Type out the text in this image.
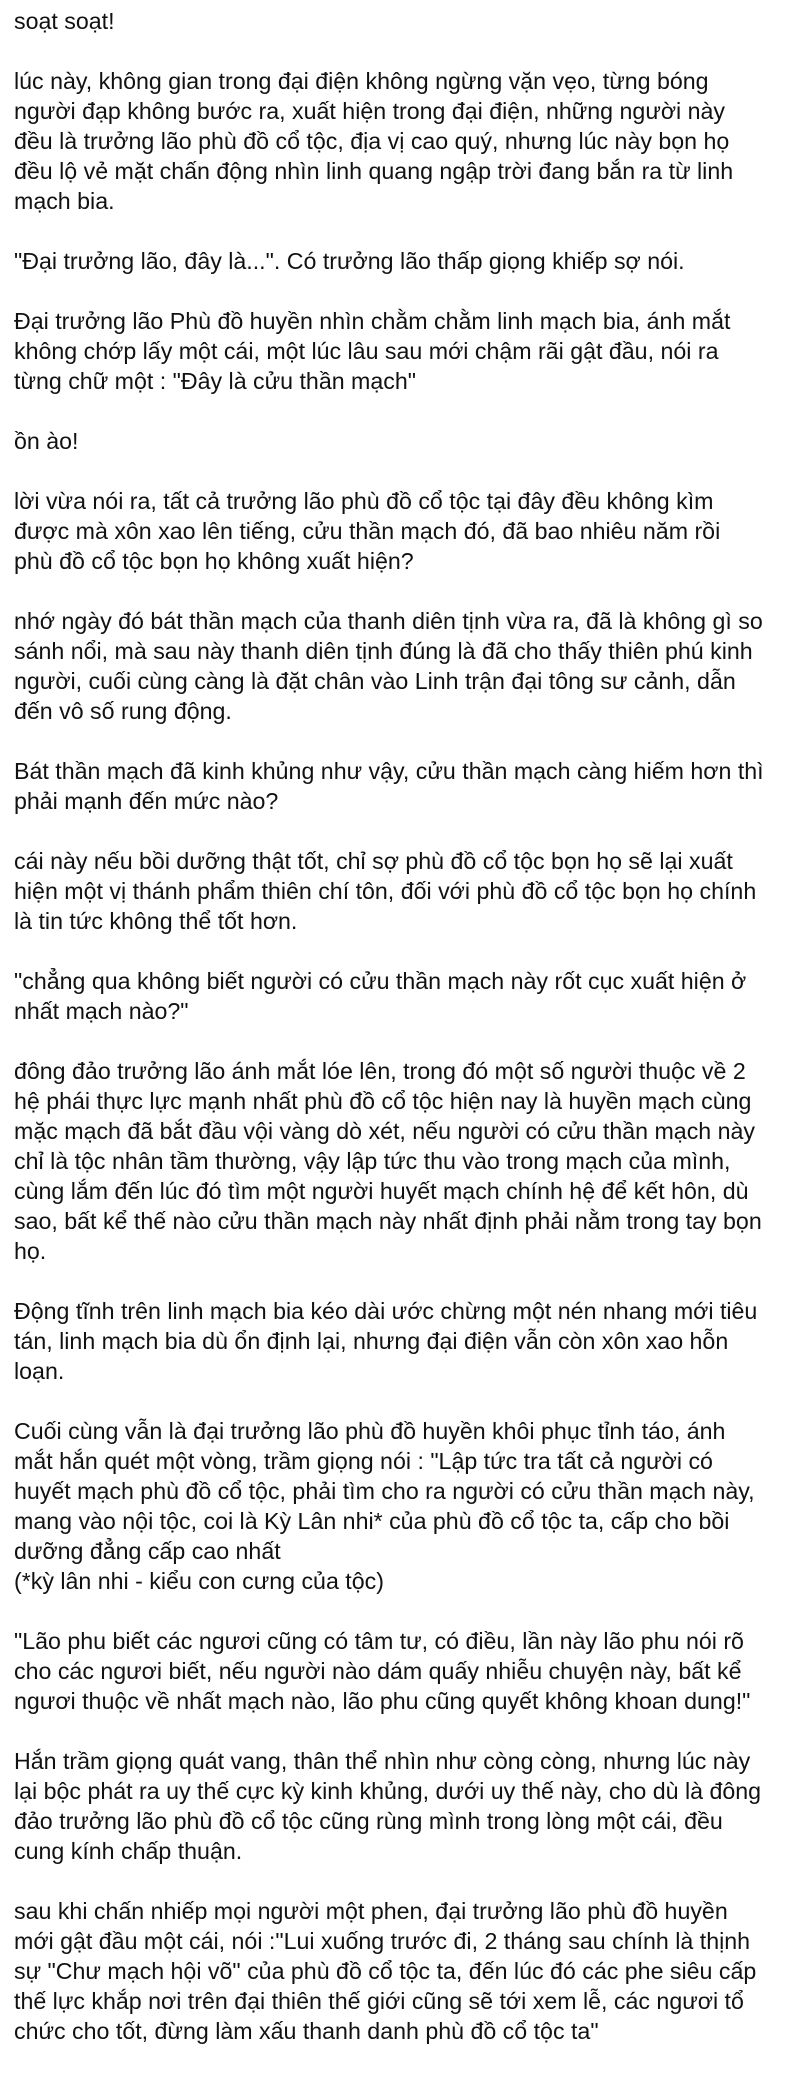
soạt soạt!

lúc này, không gian trong đại điện không ngừng vặn vẹo, từng bóng
người đạp không bước ra, xuất hiện trong đại điện, những người này
đều là trưởng lão phù đồ cổ tộc, địa vị cao quý, nhưng lúc này bọn họ
đều lộ vẻ mặt chấn động nhìn linh quang ngập trời đang bắn ra từ linh
mạch bia.

"Đại trưởng lão, đây là...". Có trưởng lão thấp giọng khiếp sợ nói.

Đại trưởng lão Phù đồ huyền nhìn chằm chằm linh mạch bia, ánh mắt
không chớp lấy một cái, một lúc lâu sau mới chậm rãi gật đầu, nói ra
từng chữ một : "Đây là cửu thần mạch"

ồn ào!

lời vừa nói ra, tất cả trưởng lão phù đồ cổ tộc tại đây đều không kìm
được mà xôn xao lên tiếng, cửu thần mạch đó, đã bao nhiêu năm rồi
phù đồ cổ tộc bọn họ không xuất hiện?

nhớ ngày đó bát thần mạch của thanh diên tịnh vừa ra, đã là không gì so
sánh nổi, mà sau này thanh diên tịnh đúng là đã cho thấy thiên phú kinh
người, cuối cùng càng là đặt chân vào Linh trận đại tông sư cảnh, dẫn
đến vô số rung động.

Bát thần mạch đã kinh khủng như vậy, cửu thần mạch càng hiếm hơn thì
phải mạnh đến mức nào?

cái này nếu bồi dưỡng thật tốt, chỉ sợ phù đồ cổ tộc bọn họ sẽ lại xuất
hiện một vị thánh phẩm thiên chí tôn, đối với phù đồ cổ tộc bọn họ chính
là tin tức không thể tốt hơn.

"chẳng qua không biết người có cửu thần mạch này rốt cục xuất hiện ở
nhất mạch nào?"

đông đảo trưởng lão ánh mắt lóe lên, trong đó một số người thuộc về 2
hệ phái thực lực mạnh nhất phù đồ cổ tộc hiện nay là huyền mạch cùng
mặc mạch đã bắt đầu vội vàng dò xét, nếu người có cửu thần mạch này
chỉ là tộc nhân tầm thường, vậy lập tức thu vào trong mạch của mình,
cùng lắm đến lúc đó tìm một người huyết mạch chính hệ để kết hôn, dù
sao, bất kể thế nào cửu thần mạch này nhất định phải nằm trong tay bọn
họ.

Động tĩnh trên linh mạch bia kéo dài ước chừng một nén nhang mới tiêu
tán, linh mạch bia dù ổn định lại, nhưng đại điện vẫn còn xôn xao hỗn
loạn.

Cuối cùng vẫn là đại trưởng lão phù đồ huyền khôi phục tỉnh táo, ánh
mắt hắn quét một vòng, trầm giọng nói : "Lập tức tra tất cả người có
huyết mạch phù đồ cổ tộc, phải tìm cho ra người có cửu thần mạch này,
mang vào nội tộc, coi là Kỳ Lân nhi* của phù đồ cổ tộc ta, cấp cho bồi
dưỡng đẳng cấp cao nhất
(*kỳ lân nhi - kiểu con cưng của tộc)

"Lão phu biết các ngươi cũng có tâm tư, có điều, lần này lão phu nói rõ
cho các ngươi biết, nếu người nào dám quấy nhiễu chuyện này, bất kể
ngươi thuộc về nhất mạch nào, lão phu cũng quyết không khoan dung!"

Hắn trầm giọng quát vang, thân thể nhìn như còng còng, nhưng lúc này
lại bộc phát ra uy thế cực kỳ kinh khủng, dưới uy thế này, cho dù là đông
đảo trưởng lão phù đồ cổ tộc cũng rùng mình trong lòng một cái, đều
cung kính chấp thuận.

sau khi chấn nhiếp mọi người một phen, đại trưởng lão phù đồ huyền
mới gật đầu một cái, nói :"Lui xuống trước đi, 2 tháng sau chính là thịnh
sự "Chư mạch hội võ" của phù đồ cổ tộc ta, đến lúc đó các phe siêu cấp
thế lực khắp nơi trên đại thiên thế giới cũng sẽ tới xem lễ, các ngươi tổ
chức cho tốt, đừng làm xấu thanh danh phù đồ cổ tộc ta"
